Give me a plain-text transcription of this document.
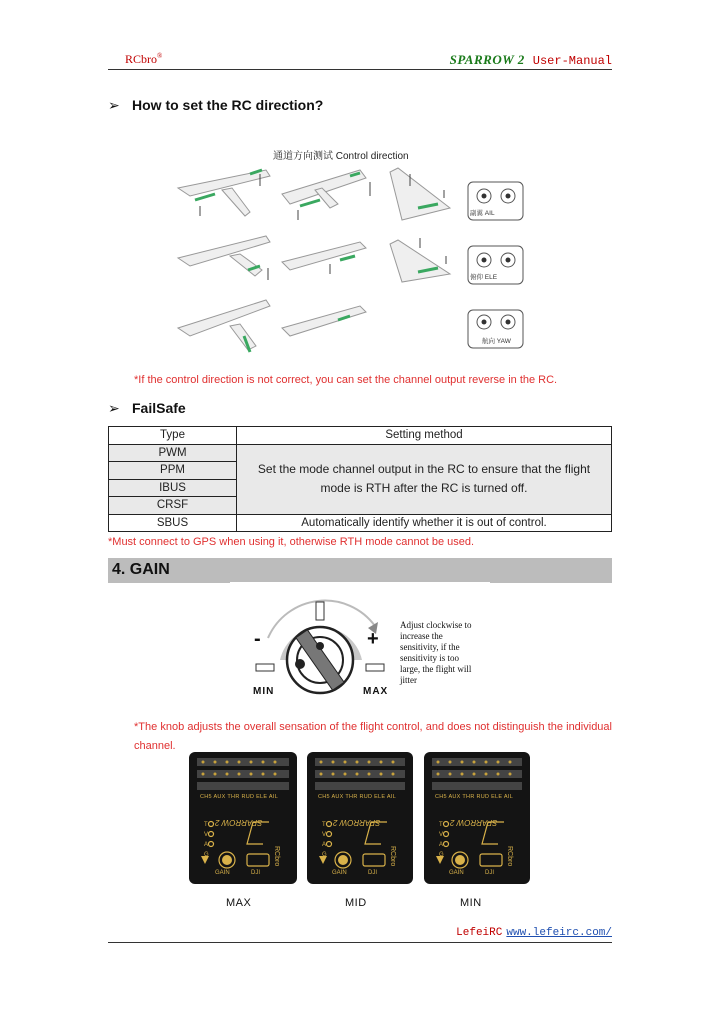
RCbro®	SPARROW 2 User-Manual
➢ How to set the RC direction?
通道方向测试 Control direction
副翼 AIL
俯仰 ELE
航向 YAW
*If the control direction is not correct, you can set the channel output reverse in the RC.
➢ FailSafe
Type	Setting method
PWM	Set the mode channel output in the RC to ensure that the flight mode is RTH after the RC is turned off.
PPM	
IBUS	
CRSF	
SBUS	Automatically identify whether it is out of control.
*Must connect to GPS when using it, otherwise RTH mode cannot be used.
4. GAIN
-	+
MIN	MAX
Adjust clockwise to increase the sensitivity, if the sensitivity is too large, the flight will jitter
*The knob adjusts the overall sensation of the flight control, and does not distinguish the individual channel.
SPARROW 2	SPARROW 2	SPARROW 2
RCbro	RCbro	RCbro
CH5 AUX THR RUD ELE AIL	CH5 AUX THR RUD ELE AIL	CH5 AUX THR RUD ELE AIL
T
V
A
G
T
V
A
G
T
V
A
G
GAIN	DJI	GAIN	DJI	GAIN	DJI
MAX	MID	MIN
LefeiRC www.lefeirc.com/
